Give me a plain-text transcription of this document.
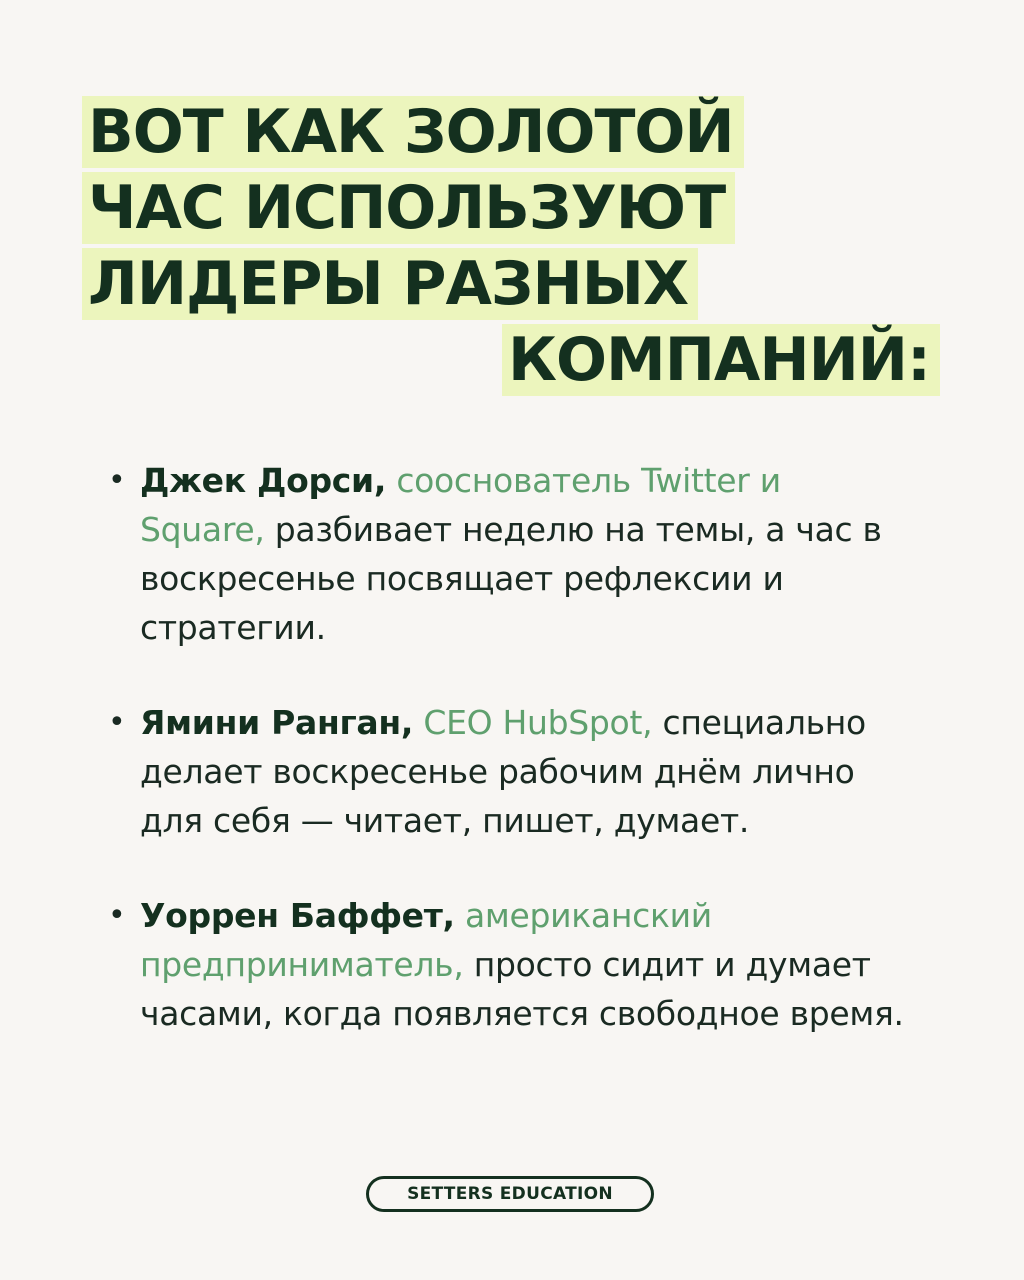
ВОТ КАК ЗОЛОТОЙ
ЧАС ИСПОЛЬЗУЮТ
ЛИДЕРЫ РАЗНЫХ
КОМПАНИЙ:
• Джек Дорси, сооснователь Twitter и Square, разбивает неделю на темы, а час в воскресенье посвящает рефлексии и стратегии.
• Ямини Ранган, CEO HubSpot, специально делает воскресенье рабочим днём лично для себя — читает, пишет, думает.
• Уоррен Баффет, американский предприниматель, просто сидит и думает часами, когда появляется свободное время.
SETTERS EDUCATION
